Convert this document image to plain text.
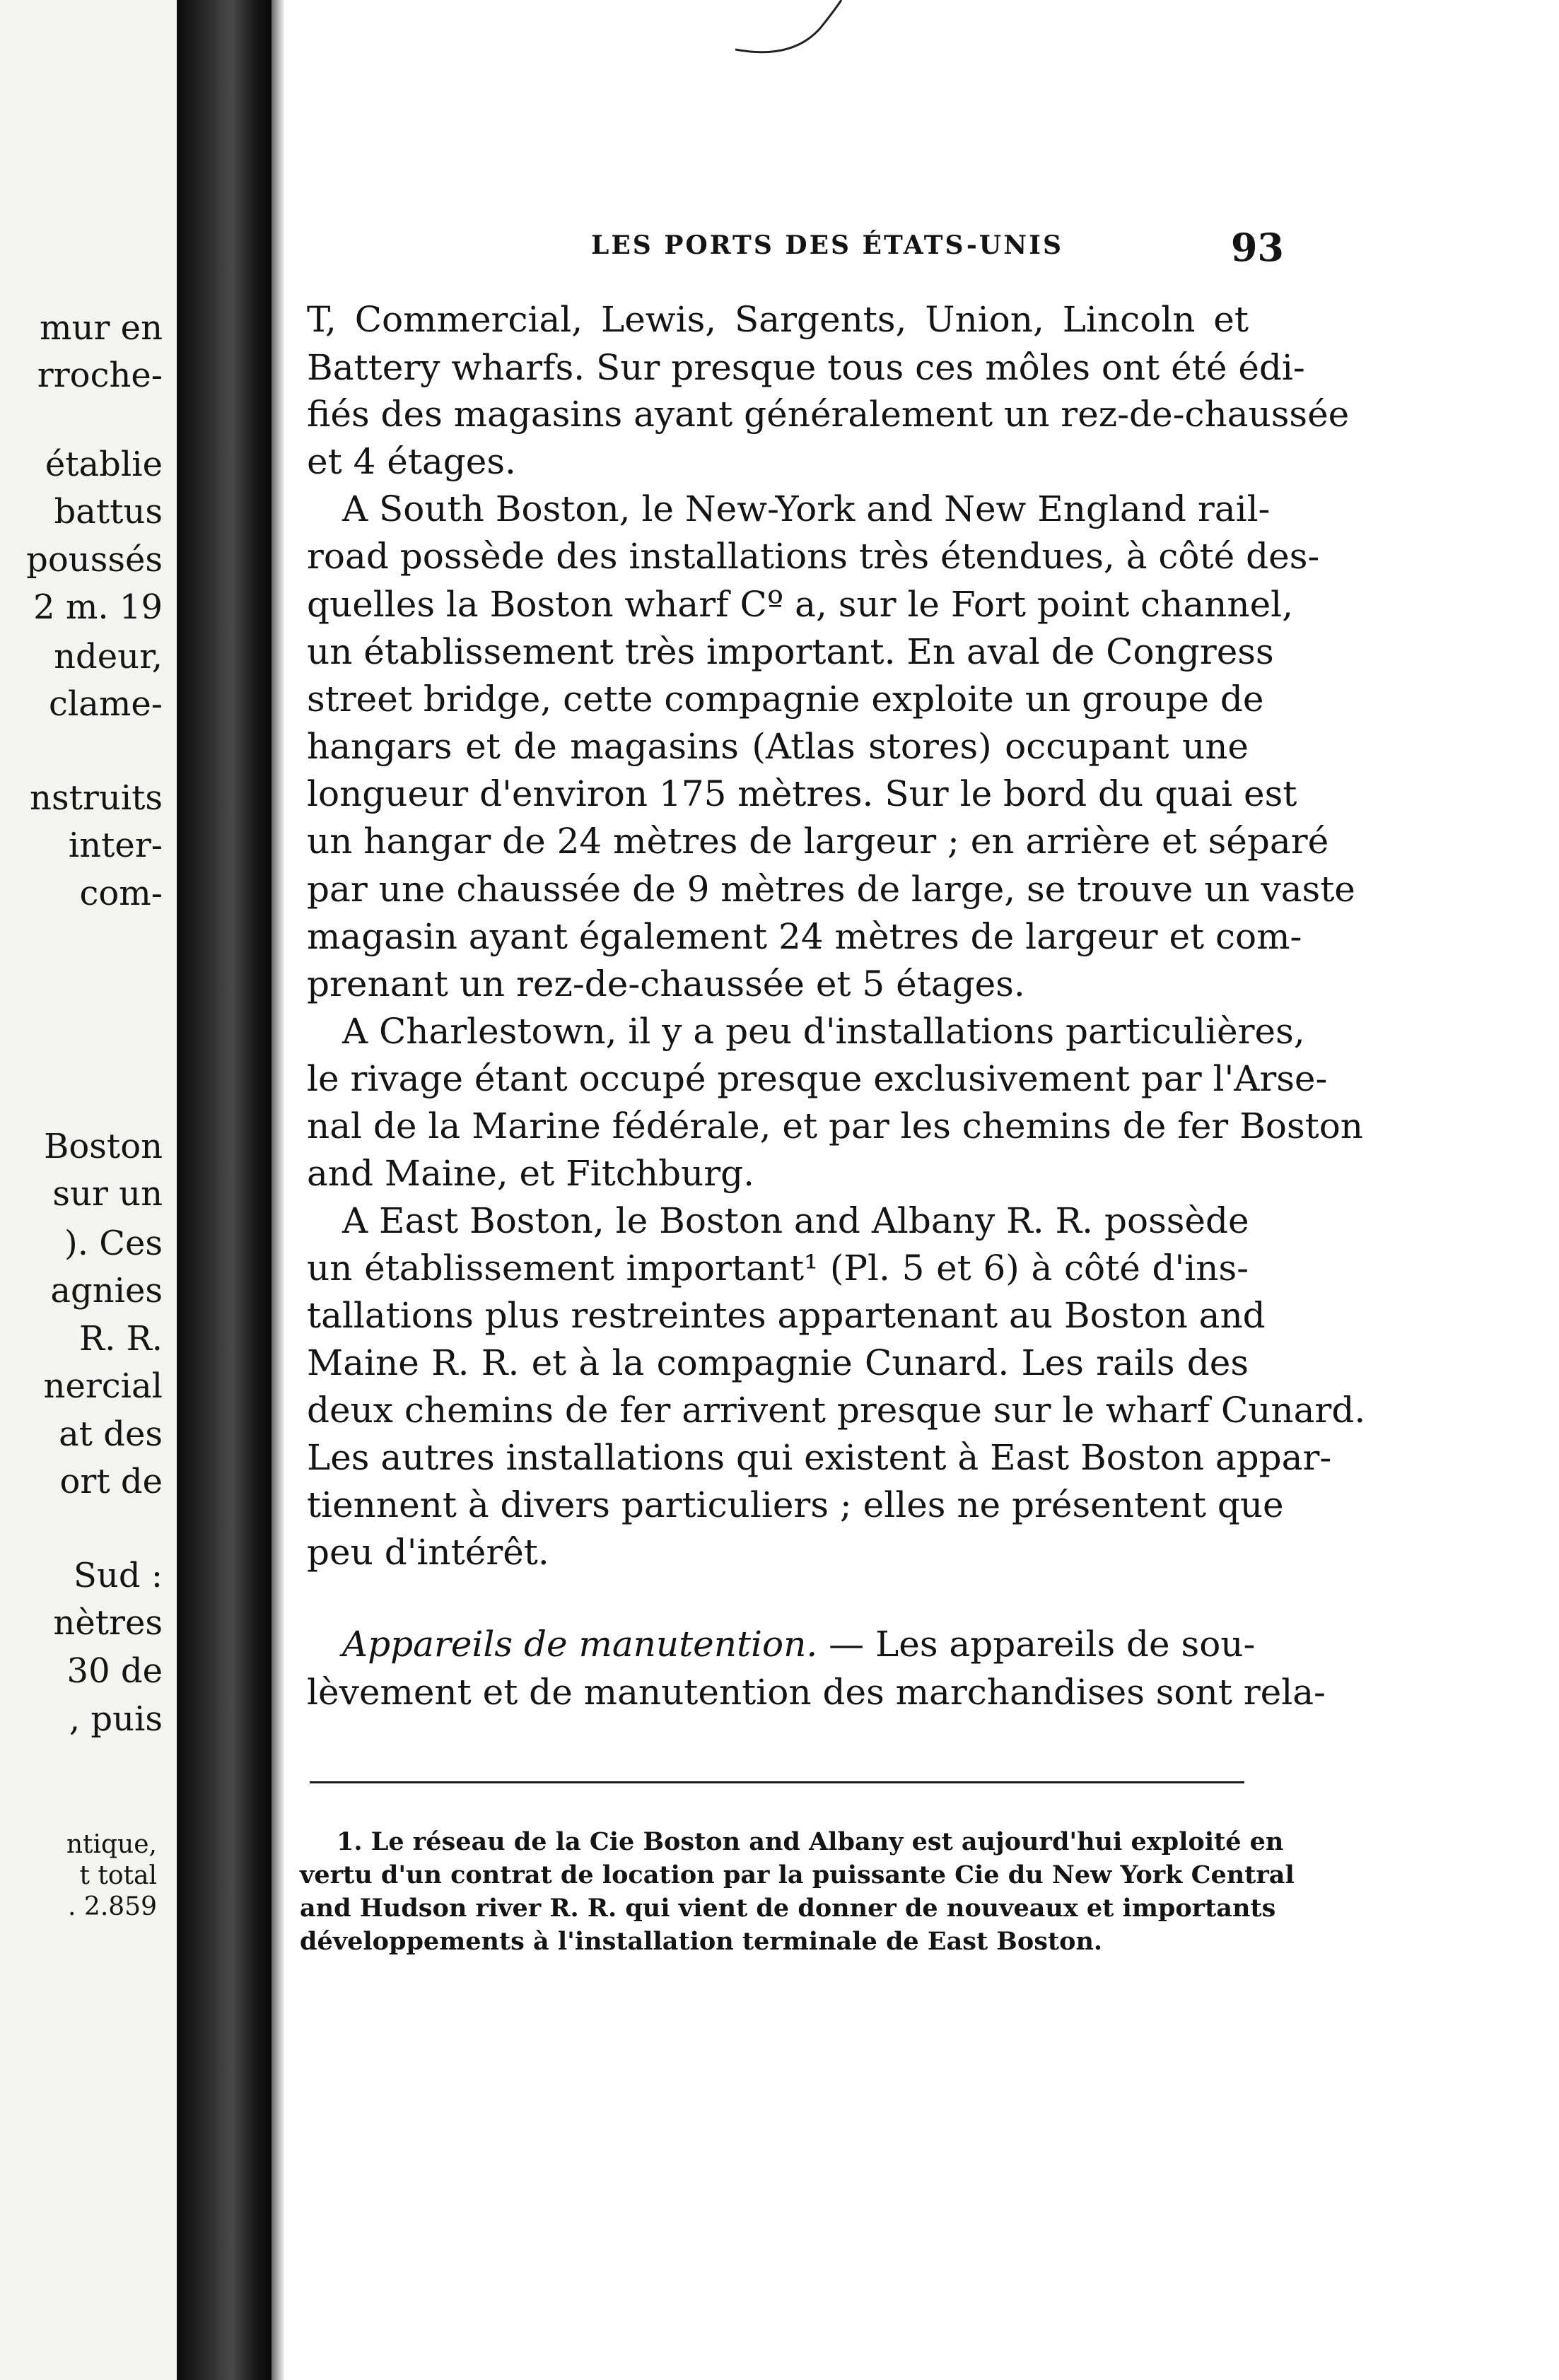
mur en
rroche-
établie
battus
poussés
2 m. 19
ndeur,
clame-
nstruits
inter-
com-
Boston
sur un
). Ces
agnies
R. R.
nercial
at des
ort de
Sud :
nètres
30 de
, puis
ntique,
t total
. 2.859
LES PORTS DES ÉTATS-UNIS	93
T, Commercial, Lewis, Sargents, Union, Lincoln et
Battery wharfs. Sur presque tous ces môles ont été édi-
fiés des magasins ayant généralement un rez-de-chaussée
et 4 étages.
A South Boston, le New-York and New England rail-
road possède des installations très étendues, à côté des-
quelles la Boston wharf Cº a, sur le Fort point channel,
un établissement très important. En aval de Congress
street bridge, cette compagnie exploite un groupe de
hangars et de magasins (Atlas stores) occupant une
longueur d'environ 175 mètres. Sur le bord du quai est
un hangar de 24 mètres de largeur ; en arrière et séparé
par une chaussée de 9 mètres de large, se trouve un vaste
magasin ayant également 24 mètres de largeur et com-
prenant un rez-de-chaussée et 5 étages.
A Charlestown, il y a peu d'installations particulières,
le rivage étant occupé presque exclusivement par l'Arse-
nal de la Marine fédérale, et par les chemins de fer Boston
and Maine, et Fitchburg.
A East Boston, le Boston and Albany R. R. possède
un établissement important¹ (Pl. 5 et 6) à côté d'ins-
tallations plus restreintes appartenant au Boston and
Maine R. R. et à la compagnie Cunard. Les rails des
deux chemins de fer arrivent presque sur le wharf Cunard.
Les autres installations qui existent à East Boston appar-
tiennent à divers particuliers ; elles ne présentent que
peu d'intérêt.
Appareils de manutention. — Les appareils de sou-
lèvement et de manutention des marchandises sont rela-
1. Le réseau de la Cie Boston and Albany est aujourd'hui exploité en
vertu d'un contrat de location par la puissante Cie du New York Central
and Hudson river R. R. qui vient de donner de nouveaux et importants
développements à l'installation terminale de East Boston.
